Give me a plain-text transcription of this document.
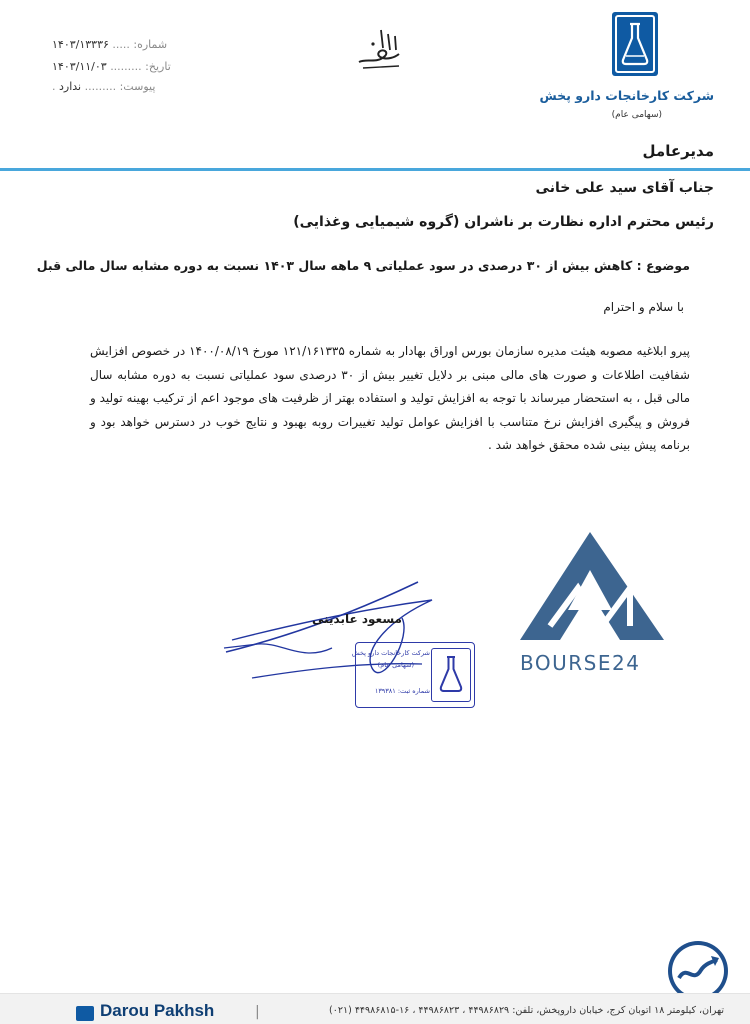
شماره: ..... ۱۴۰۳/۱۳۳۳۶
تاریخ: ......... ۱۴۰۳/۱۱/۰۳
پیوست: ......... ندارد .
شرکت کارخانجات دارو پخش
(سهامی عام)
مدیرعامل
جناب آقای سید علی خانی
رئیس محترم اداره نظارت بر ناشران (گروه شیمیایی وغذایی)
موضوع : کاهش بیش از ۳۰ درصدی در سود عملیاتی ۹ ماهه سال ۱۴۰۳ نسبت به دوره مشابه سال مالی قبل
با سلام و احترام
پیرو ابلاغیه مصوبه هیئت مدیره سازمان بورس اوراق بهادار به شماره ۱۲۱/۱۶۱۳۳۵ مورخ ۱۴۰۰/۰۸/۱۹ در خصوص افزایش شفافیت اطلاعات و صورت های مالی مبنی بر دلایل تغییر بیش از ۳۰ درصدی سود عملیاتی نسبت به دوره مشابه سال مالی قبل ، به استحضار میرساند با توجه به افزایش تولید و استفاده بهتر از ظرفیت های موجود اعم از ترکیب بهینه تولید و فروش و پیگیری افزایش نرخ متناسب با افزایش عوامل تولید تغییرات روبه بهبود و نتایج خوب در دسترس خواهد بود و برنامه پیش بینی شده محقق خواهد شد .
BOURSE24
مسعود عابدینی
شرکت کارخانجات دارو پخش
(سهامی عام)
شماره ثبت: ۱۳۹۳۸۱
Darou Pakhsh	|	تهران، کیلومتر ۱۸ اتوبان کرج، خیابان داروپخش، تلفن: ۴۴۹۸۶۸۲۹ ، ۴۴۹۸۶۸۲۳ ، ۱۶-۴۴۹۸۶۸۱۵ (۰۲۱)
